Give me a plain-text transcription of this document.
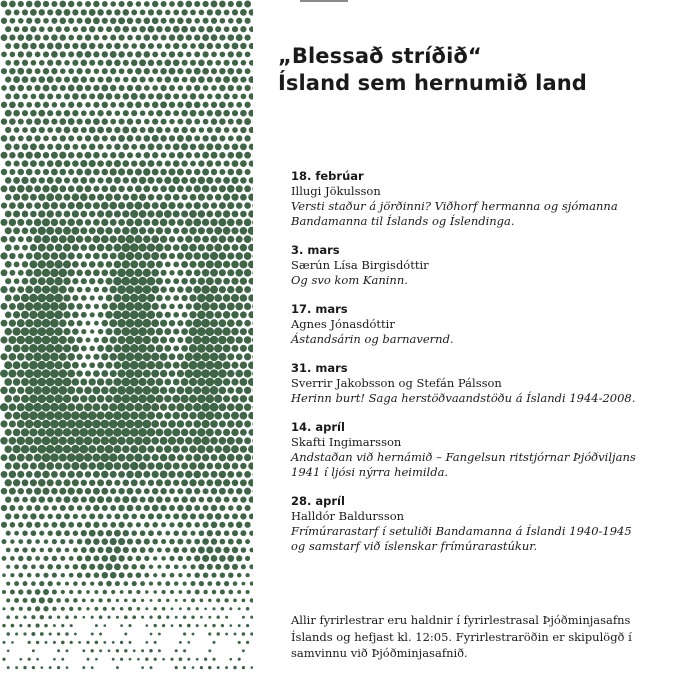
„Blessað stríðið“
Ísland sem hernumið land
18. febrúar
Illugi Jökulsson
Versti staður á jörðinni? Viðhorf hermanna og sjómanna
Bandamanna til Íslands og Íslendinga.
3. mars
Særún Lísa Birgisdóttir
Og svo kom Kaninn.
17. mars
Agnes Jónasdóttir
Ástandsárin og barnavernd.
31. mars
Sverrir Jakobsson og Stefán Pálsson
Herinn burt! Saga herstöðvaandstöðu á Íslandi 1944-2008.
14. apríl
Skafti Ingimarsson
Andstaðan við hernámið – Fangelsun ritstjórnar Þjóðviljans
1941 í ljósi nýrra heimilda.
28. apríl
Halldór Baldursson
Frímúrarastarf í setuliði Bandamanna á Íslandi 1940-1945
og samstarf við íslenskar frímúrarastúkur.

Allir fyrirlestrar eru haldnir í fyrirlestrasal Þjóðminjasafns
Íslands og hefjast kl. 12:05. Fyrirlestraröðin er skipulögð í
samvinnu við Þjóðminjasafnið.
